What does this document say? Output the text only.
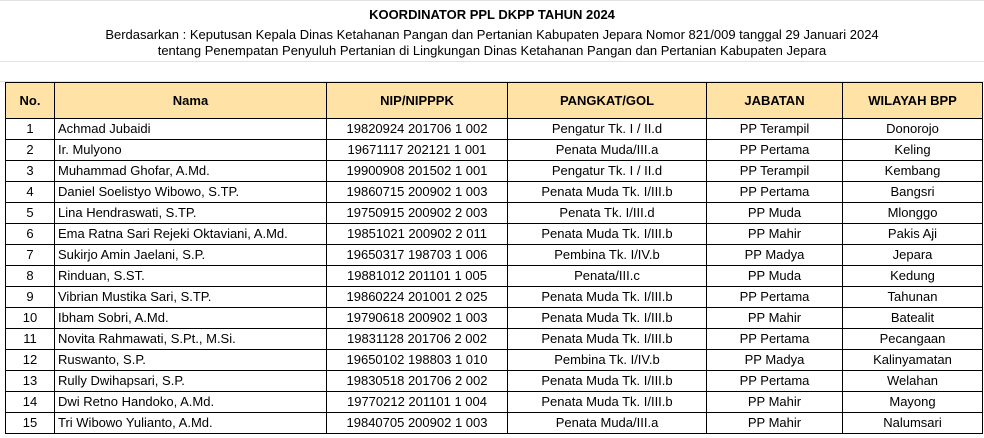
KOORDINATOR PPL DKPP TAHUN 2024
Berdasarkan : Keputusan Kepala Dinas Ketahanan Pangan dan Pertanian Kabupaten Jepara Nomor 821/009 tanggal 29 Januari 2024
tentang Penempatan Penyuluh Pertanian di Lingkungan Dinas Ketahanan Pangan dan Pertanian Kabupaten Jepara
No.	Nama	NIP/NIPPPK	PANGKAT/GOL	JABATAN	WILAYAH BPP
1	Achmad Jubaidi	19820924 201706 1 002	Pengatur Tk. I / II.d	PP Terampil	Donorojo
2	Ir. Mulyono	19671117 202121 1 001	Penata Muda/III.a	PP Pertama	Keling
3	Muhammad Ghofar, A.Md.	19900908 201502 1 001	Pengatur Tk. I / II.d	PP Terampil	Kembang
4	Daniel Soelistyo Wibowo, S.TP.	19860715 200902 1 003	Penata Muda Tk. I/III.b	PP Pertama	Bangsri
5	Lina Hendraswati, S.TP.	19750915 200902 2 003	Penata Tk. I/III.d	PP Muda	Mlonggo
6	Ema Ratna Sari Rejeki Oktaviani, A.Md.	19851021 200902 2 011	Penata Muda Tk. I/III.b	PP Mahir	Pakis Aji
7	Sukirjo Amin Jaelani, S.P.	19650317 198703 1 006	Pembina Tk. I/IV.b	PP Madya	Jepara
8	Rinduan, S.ST.	19881012 201101 1 005	Penata/III.c	PP Muda	Kedung
9	Vibrian Mustika Sari, S.TP.	19860224 201001 2 025	Penata Muda Tk. I/III.b	PP Pertama	Tahunan
10	Ibham Sobri, A.Md.	19790618 200902 1 003	Penata Muda Tk. I/III.b	PP Mahir	Batealit
11	Novita Rahmawati, S.Pt., M.Si.	19831128 201706 2 002	Penata Muda Tk. I/III.b	PP Pertama	Pecangaan
12	Ruswanto, S.P.	19650102 198803 1 010	Pembina Tk. I/IV.b	PP Madya	Kalinyamatan
13	Rully Dwihapsari, S.P.	19830518 201706 2 002	Penata Muda Tk. I/III.b	PP Pertama	Welahan
14	Dwi Retno Handoko, A.Md.	19770212 201101 1 004	Penata Muda Tk. I/III.b	PP Mahir	Mayong
15	Tri Wibowo Yulianto, A.Md.	19840705 200902 1 003	Penata Muda/III.a	PP Mahir	Nalumsari
